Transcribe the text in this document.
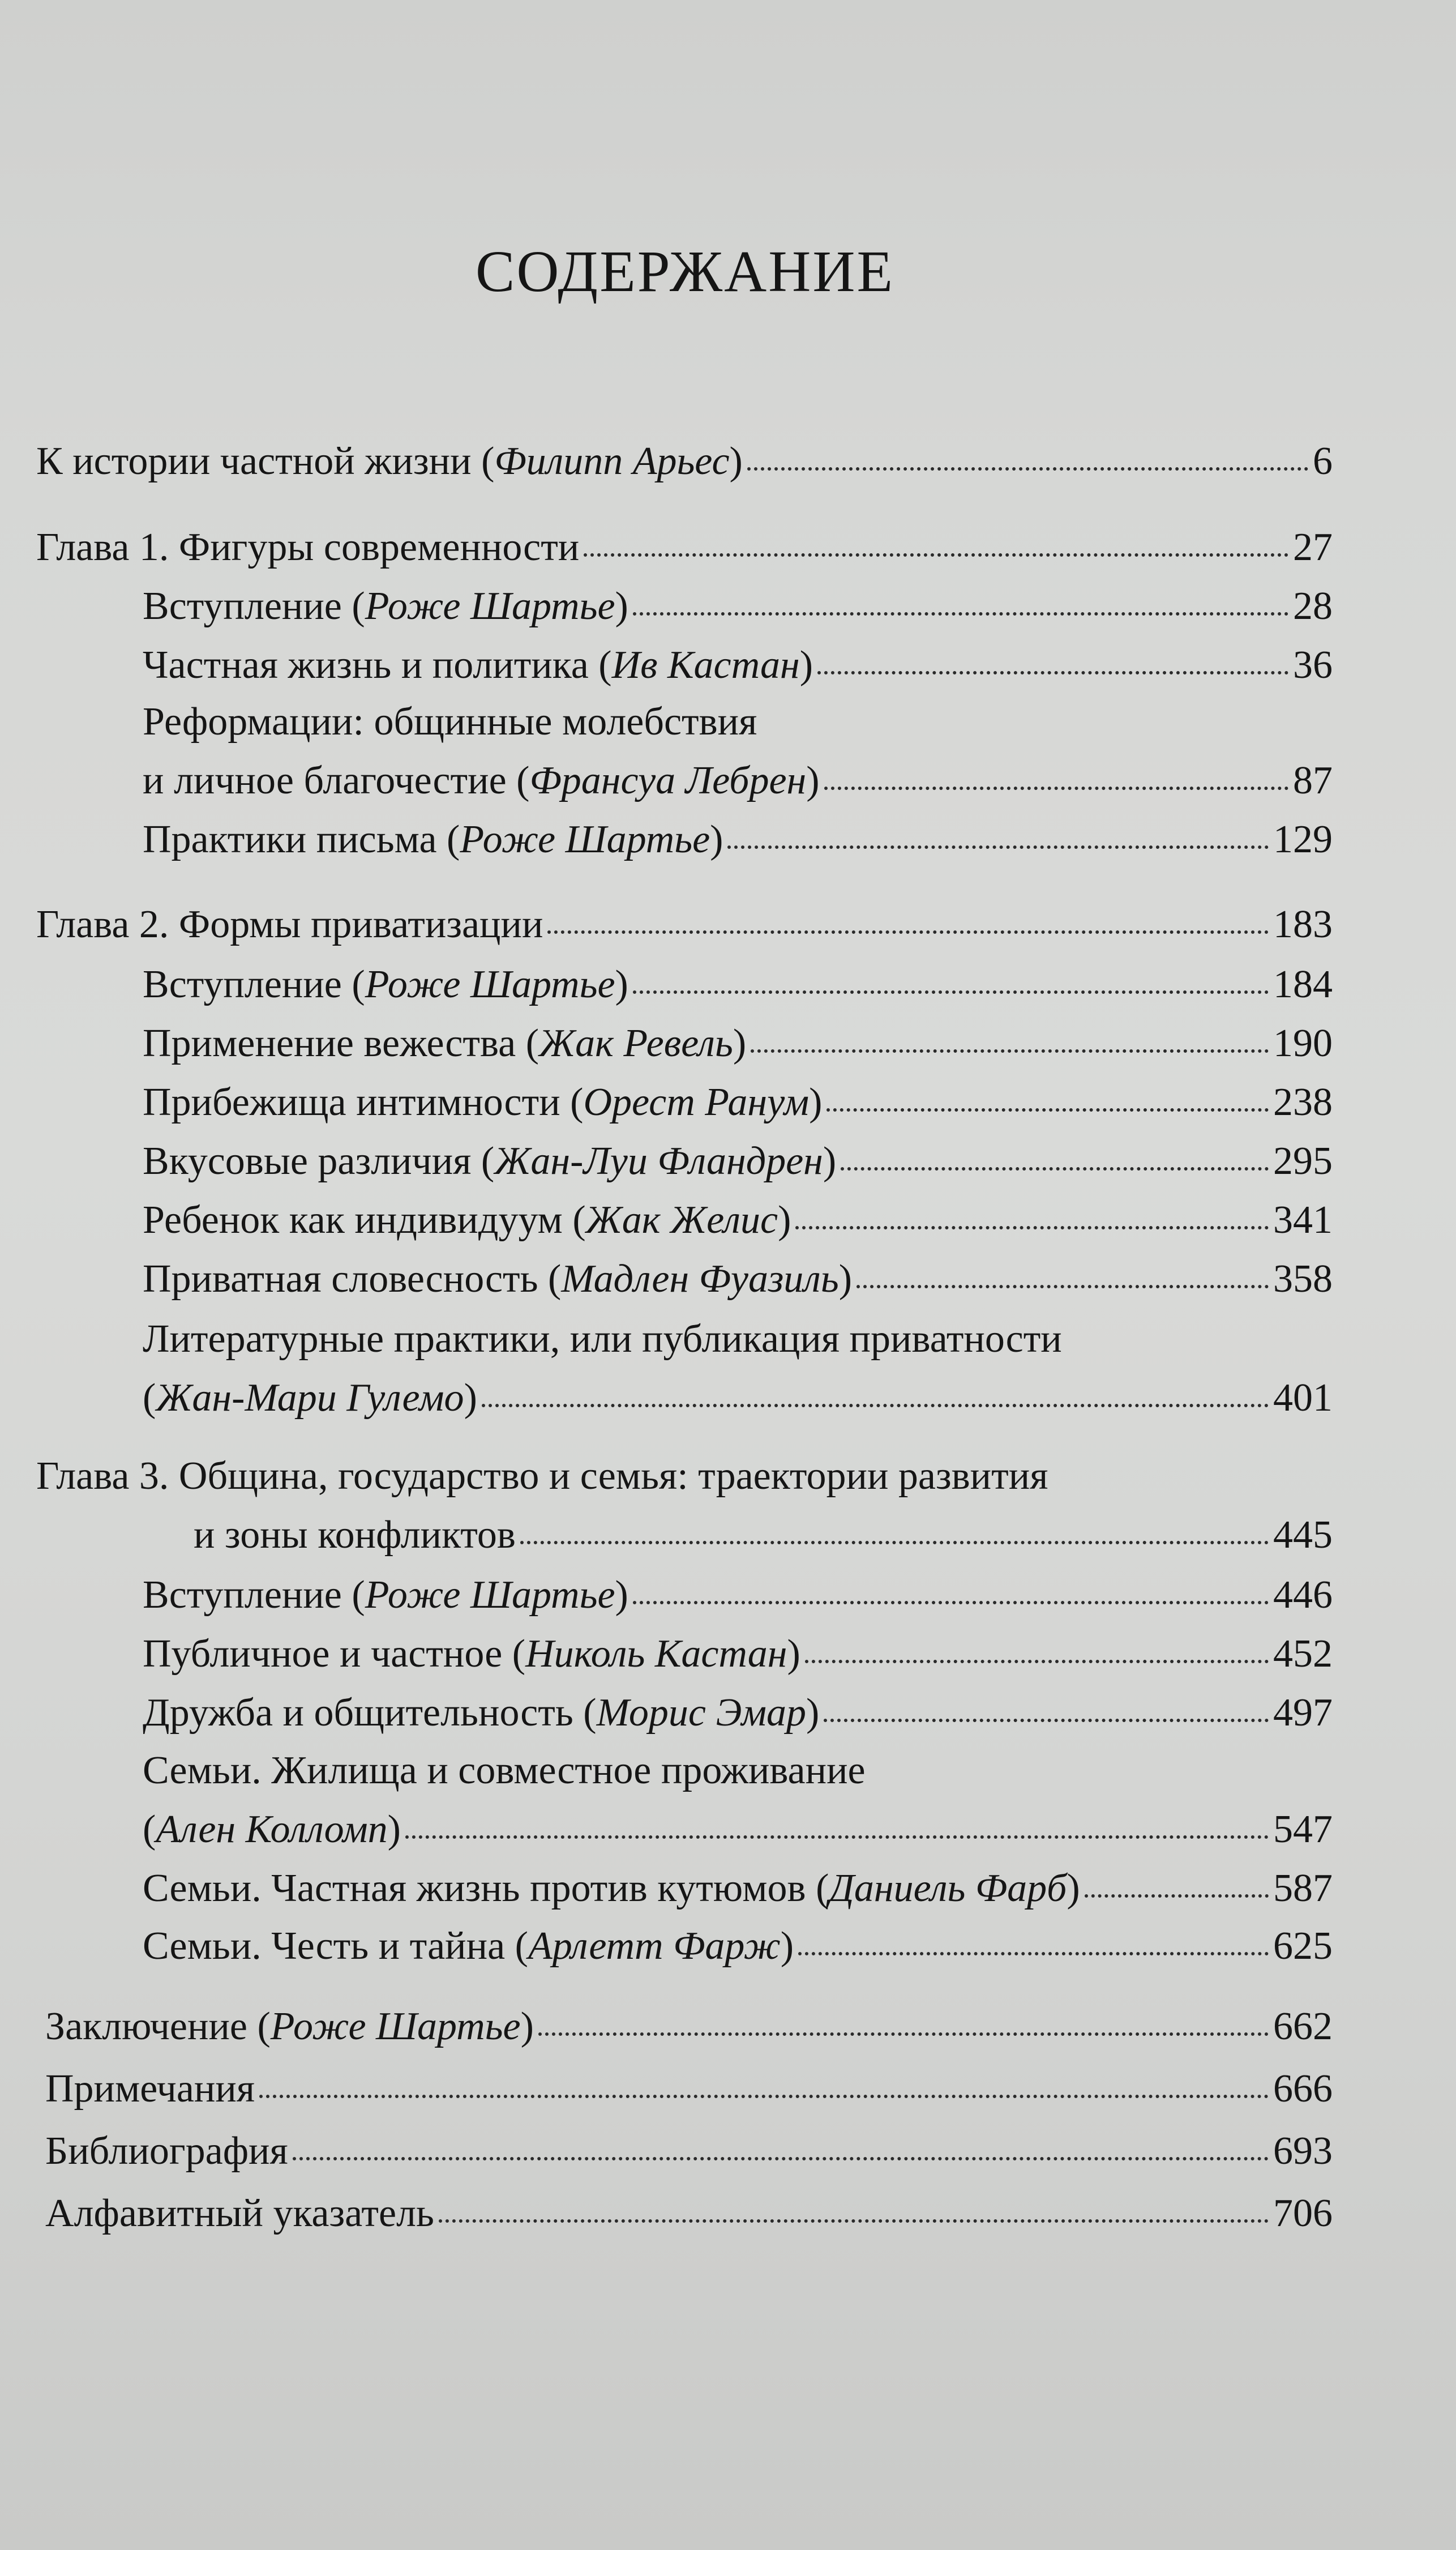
СОДЕРЖАНИЕ
К истории частной жизни (Филипп Арьес)	6
Глава 1. Фигуры современности	27
Вступление (Роже Шартье)	28
Частная жизнь и политика (Ив Кастан)	36
Реформации: общинные молебствия
и личное благочестие (Франсуа Лебрен)	87
Практики письма (Роже Шартье)	129
Глава 2. Формы приватизации	183
Вступление (Роже Шартье)	184
Применение вежества (Жак Ревель)	190
Прибежища интимности (Орест Ранум)	238
Вкусовые различия (Жан-Луи Фландрен)	295
Ребенок как индивидуум (Жак Желис)	341
Приватная словесность (Мадлен Фуазиль)	358
Литературные практики, или публикация приватности
(Жан-Мари Гулемо)	401
Глава 3. Община, государство и семья: траектории развития
и зоны конфликтов	445
Вступление (Роже Шартье)	446
Публичное и частное (Николь Кастан)	452
Дружба и общительность (Морис Эмар)	497
Семьи. Жилища и совместное проживание
(Ален Колломп)	547
Семьи. Частная жизнь против кутюмов (Даниель Фарб)	587
Семьи. Честь и тайна (Арлетт Фарж)	625
Заключение (Роже Шартье)	662
Примечания	666
Библиография	693
Алфавитный указатель	706
